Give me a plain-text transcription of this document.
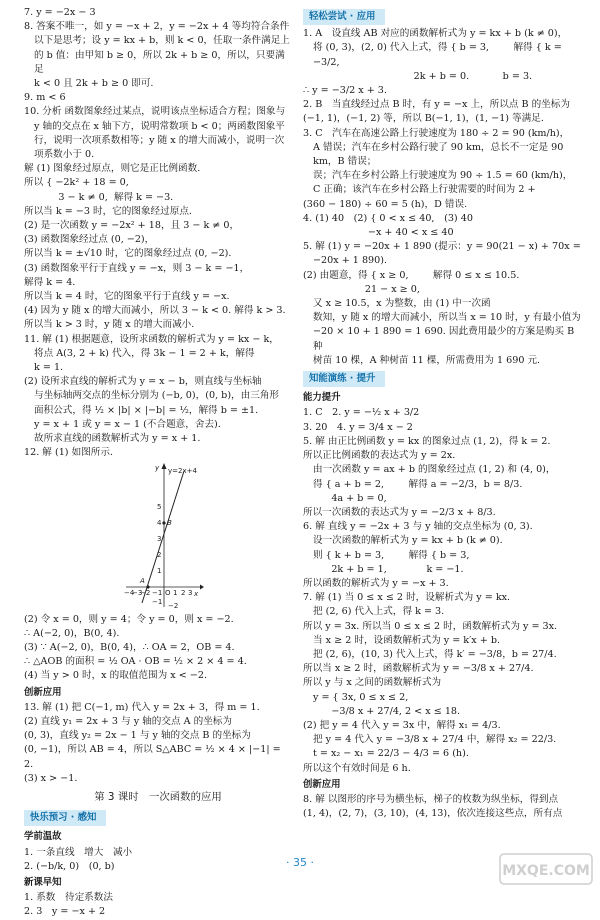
7. y = −2x − 3
8. 答案不唯一，如 y = −x + 2，y = −2x + 4 等均符合条件
以下是思考；设 y = kx + b，则 k < 0，任取一条件满足上
的 b 值：由甲知 b ≥ 0，所以 2k + b ≥ 0，所以，只要满足
k < 0 且 2k + b ≥ 0 即可.
9. m < 6
10. 分析 函数图象经过某点，说明该点坐标适合方程；图象与
y 轴的交点在 x 轴下方，说明常数项 b < 0；两函数图象平
行，说明一次项系数相等；y 随 x 的增大而减小，说明一次
项系数小于 0.
解 (1) 图象经过原点，则它是正比例函数.
所以 { −2k² + 18 = 0,
3 − k ≠ 0,  解得 k = −3.
所以当 k = −3 时，它的图象经过原点.
(2) 是一次函数 y = −2x² + 18，且 3 − k ≠ 0，
(3) 函数图象经过点 (0, −2)，
所以当 k = ±√10 时，它的图象经过点 (0, −2).
(3) 函数图象平行于直线 y = −x，则 3 − k = −1，
解得 k = 4.
所以当 k = 4 时，它的图象平行于直线 y = −x.
(4) 因为 y 随 x 的增大而减小，所以 3 − k < 0. 解得 k > 3.
所以当 k > 3 时，y 随 x 的增大而减小.
11. 解 (1) 根据题意，设所求函数的解析式为 y = kx − k，
将点 A(3, 2 + k) 代入，得 3k − 1 = 2 + k，解得
k = 1.
(2) 设所求直线的解析式为 y = x − b，则直线与坐标轴
与坐标轴两交点的坐标分别为 (−b, 0)，(0, b)，由三角形
面积公式，得 ½ × |b| × |−b| = ½，解得 b = ±1.
y = x + 1 或 y = x − 1 (不合题意，舍去).
故所求直线的函数解析式为 y = x + 1.
12. 解 (1) 如图所示.
y=2x+4
B
A
x
y
O
−4
−3
−2 −1 1 2 3
5
4
3
2
1
−1 −2
(2) 令 x = 0，则 y = 4；令 y = 0，则 x = −2.
∴ A(−2, 0)，B(0, 4).
(3) ∵ A(−2, 0)，B(0, 4)，∴ OA = 2，OB = 4.
∴ △AOB 的面积 = ½ OA · OB = ½ × 2 × 4 = 4.
(4) 当 y > 0 时，x 的取值范围为 x < −2.
创新应用
13. 解 (1) 把 C(−1, m) 代入 y = 2x + 3，得 m = 1.
(2) 直线 y₁ = 2x + 3 与 y 轴的交点 A 的坐标为
(0, 3)，直线 y₂ = 2x − 1 与 y 轴的交点 B 的坐标为
(0, −1)，所以 AB = 4，所以 S△ABC = ½ × 4 × |−1| = 2.
(3) x > −1.
第 3 课时　一次函数的应用
快乐预习 · 感知
学前温故
1. 一条直线　增大　减小
2. (−b/k, 0)　(0, b)
新课早知
1. 系数　待定系数法
2. 3　y = −x + 2
轻松尝试 · 应用
1. A　设直线 AB 对应的函数解析式为 y = kx + b (k ≠ 0)，
将 (0, 3)，(2, 0) 代入上式，得 { b = 3,        解得 { k = −3/2,
2k + b = 0.           b = 3.
∴ y = −3/2 x + 3.
2. B　当直线经过点 B 时，有 y = −x 上，所以点 B 的坐标为
(−1, 1)，(−1, 2) 等，所以 B(−1, 1)，(1, −1) 等满足.
3. C　汽车在高速公路上行驶速度为 180 ÷ 2 = 90 (km/h)，
A 错误；汽车在乡村公路行驶了 90 km，总长不一定是 90 km，B 错误；
误；汽车在乡村公路上行驶速度为 90 ÷ 1.5 = 60 (km/h)，
C 正确；该汽车在乡村公路上行驶需要的时间为 2 +
(360 − 180) ÷ 60 = 5 (h)，D 错误.
4. (1) 40　(2) { 0 < x ≤ 40,　(3) 40
−x + 40 < x ≤ 40
5. 解 (1) y = −20x + 1 890 (提示：y = 90(21 − x) + 70x =
−20x + 1 890).
(2) 由题意，得 { x ≥ 0,        解得 0 ≤ x ≤ 10.5.
21 − x ≥ 0,
又 x ≥ 10.5，x 为整数，由 (1) 中一次函
数知，y 随 x 的增大而减小，所以当 x = 10 时，y 有最小值为
−20 × 10 + 1 890 = 1 690. 因此费用最少的方案是购买 B 种
树苗 10 棵，A 种树苗 11 棵，所需费用为 1 690 元.
知能演练 · 提升
能力提升
1. C　2. y = −½ x + 3/2
3. 20　4. y = 3/4 x − 2
5. 解 由正比例函数 y = kx 的图象过点 (1, 2)，得 k = 2.
所以正比例函数的表达式为 y = 2x.
由一次函数 y = ax + b 的图象经过点 (1, 2) 和 (4, 0)，
得 { a + b = 2,        解得 a = −2/3，b = 8/3.
4a + b = 0,
所以一次函数的表达式为 y = −2/3 x + 8/3.
6. 解 直线 y = −2x + 3 与 y 轴的交点坐标为 (0, 3).
设一次函数的解析式为 y = kx + b (k ≠ 0).
则 { k + b = 3,        解得 { b = 3,
2k + b = 1,             k = −1.
所以函数的解析式为 y = −x + 3.
7. 解 (1) 当 0 ≤ x ≤ 2 时，设解析式为 y = kx.
把 (2, 6) 代入上式，得 k = 3.
所以 y = 3x. 所以当 0 ≤ x ≤ 2 时，函数解析式为 y = 3x.
当 x ≥ 2 时，设函数解析式为 y = k′x + b.
把 (2, 6)，(10, 3) 代入上式，得 k′ = −3/8，b = 27/4.
所以当 x ≥ 2 时，函数解析式为 y = −3/8 x + 27/4.
所以 y 与 x 之间的函数解析式为
y = { 3x, 0 ≤ x ≤ 2,
−3/8 x + 27/4, 2 < x ≤ 18.
(2) 把 y = 4 代入 y = 3x 中，解得 x₁ = 4/3.
把 y = 4 代入 y = −3/8 x + 27/4 中，解得 x₂ = 22/3.
t = x₂ − x₁ = 22/3 − 4/3 = 6 (h).
所以这个有效时间是 6 h.
创新应用
8. 解 以图形的序号为横坐标，梯子的枚数为纵坐标，得到点
(1, 4)，(2, 7)，(3, 10)，(4, 13)，依次连接这些点，所有点
· 35 ·
MXQE.COM
